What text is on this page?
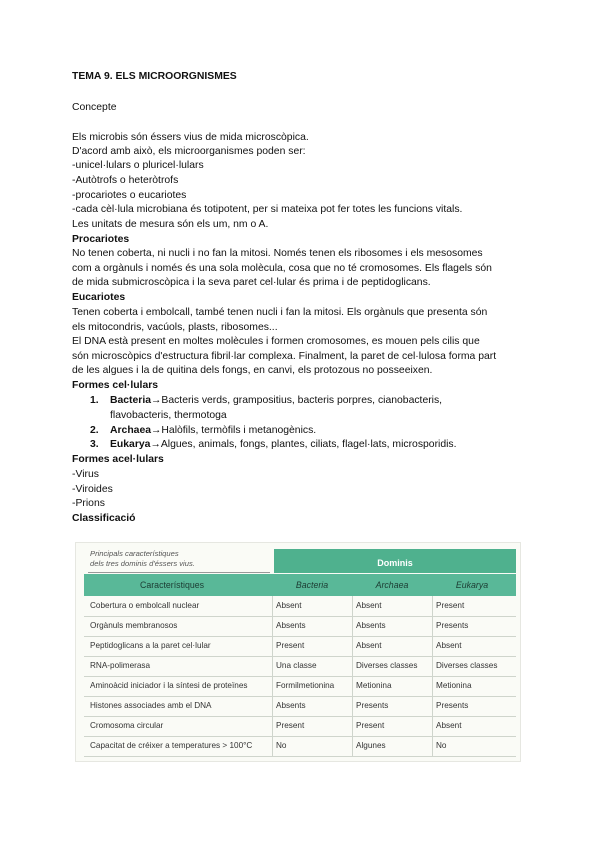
TEMA 9. ELS MICROORGNISMES
Concepte
Els microbis són éssers vius de mida microscòpica.
D'acord amb això, els microorganismes poden ser:
-unicel·lulars o pluricel·lulars
-Autòtrofs o heteròtrofs
-procariotes o eucariotes
-cada cèl·lula microbiana és totipotent, per si mateixa pot fer totes les funcions vitals.
Les unitats de mesura són els um, nm o A.
Procariotes
No tenen coberta, ni nucli i no fan la mitosi. Només tenen els ribosomes i els mesosomes
com a orgànuls i només és una sola molècula, cosa que no té cromosomes. Els flagels són
de mida submicroscòpica i la seva paret cel·lular és prima i de peptidoglicans.
Eucariotes
Tenen coberta i embolcall, també tenen nucli i fan la mitosi. Els orgànuls que presenta són
els mitocondris, vacúols, plasts, ribosomes...
El DNA està present en moltes molècules i formen cromosomes, es mouen pels cilis que
són microscòpics d'estructura fibril·lar complexa. Finalment, la paret de cel·lulosa forma part
de les algues i la de quitina dels fongs, en canvi, els protozous no posseeixen.
Formes cel·lulars
1. Bacteria→Bacteris verds, grampositius, bacteris porpres, cianobacteris,
flavobacteris, thermotoga
2. Archaea→Halòfils, termòfils i metanogènics.
3. Eukarya→Algues, animals, fongs, plantes, ciliats, flagel·lats, microsporidis.
Formes acel·lulars
-Virus
-Viroides
-Prions
Classificació
Principals característiques
dels tres dominis d'éssers vius.	Dominis
Característiques	Bacteria	Archaea	Eukarya
Cobertura o embolcall nuclear	Absent	Absent	Present
Orgànuls membranosos	Absents	Absents	Presents
Peptidoglicans a la paret cel·lular	Present	Absent	Absent
RNA-polimerasa	Una classe	Diverses classes	Diverses classes
Aminoàcid iniciador i la síntesi de proteïnes	Formilmetionina	Metionina	Metionina
Histones associades amb el DNA	Absents	Presents	Presents
Cromosoma circular	Present	Present	Absent
Capacitat de créixer a temperatures > 100°C	No	Algunes	No
